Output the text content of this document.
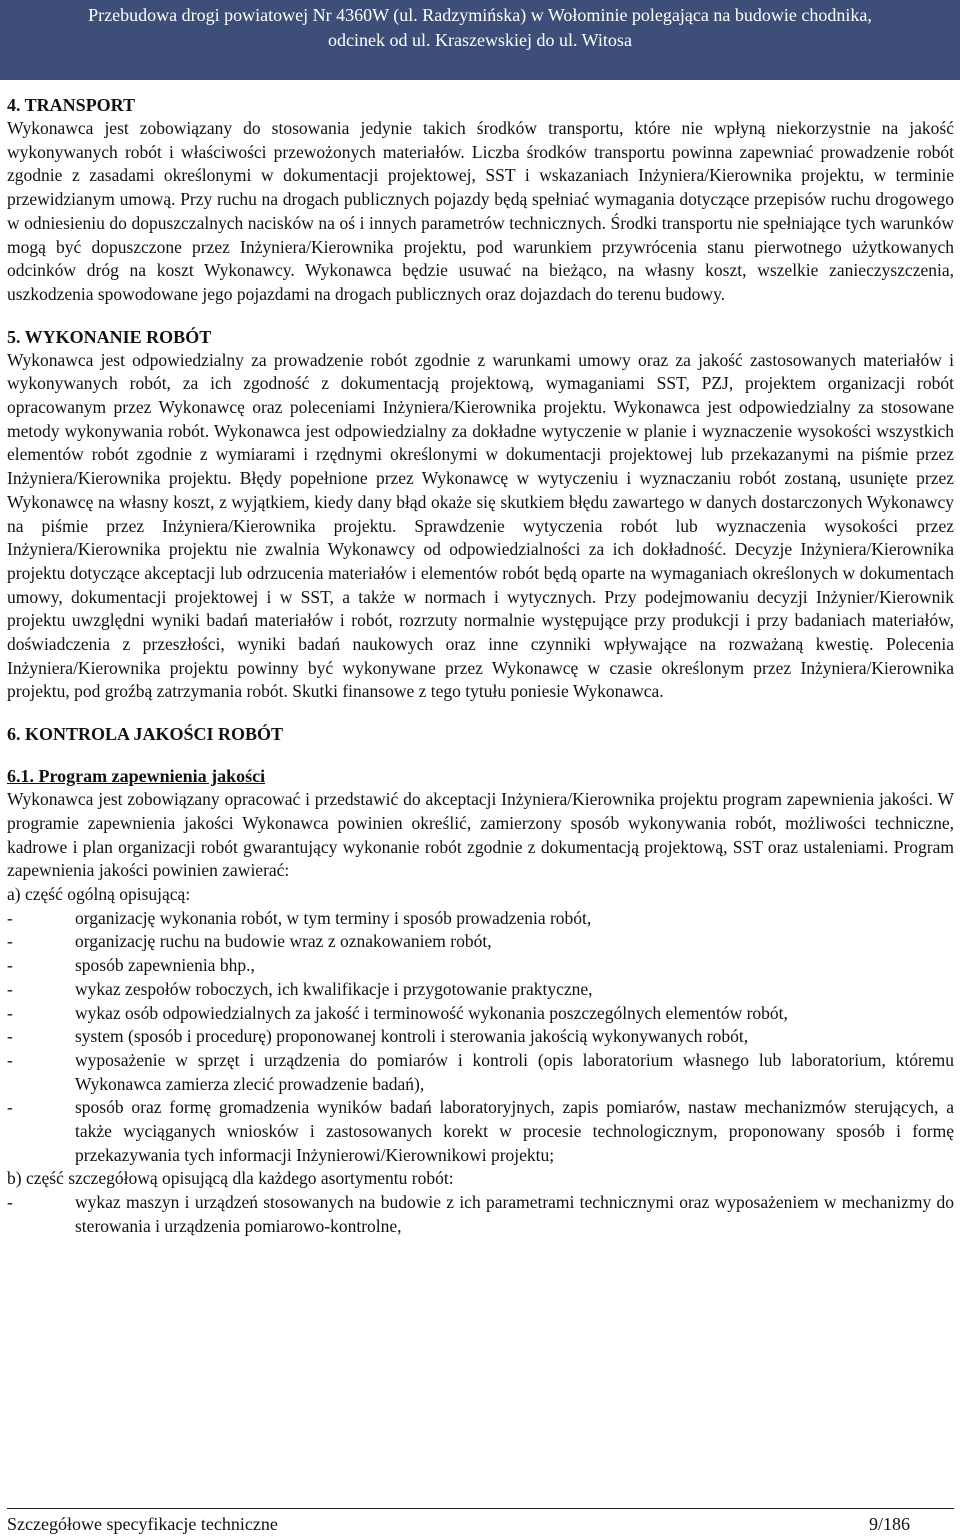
Przebudowa drogi powiatowej Nr 4360W (ul. Radzymińska) w Wołominie polegająca na budowie chodnika,
odcinek od ul. Kraszewskiej do ul. Witosa

4. TRANSPORT

Wykonawca jest zobowiązany do stosowania jedynie takich środków transportu, które nie wpłyną niekorzystnie na jakość wykonywanych robót i właściwości przewożonych materiałów. Liczba środków transportu powinna zapewniać prowadzenie robót zgodnie z zasadami określonymi w dokumentacji projektowej, SST i wskazaniach Inżyniera/Kierownika projektu, w terminie przewidzianym umową. Przy ruchu na drogach publicznych pojazdy będą spełniać wymagania dotyczące przepisów ruchu drogowego w odniesieniu do dopuszczalnych nacisków na oś i innych parametrów technicznych. Środki transportu nie spełniające tych warunków mogą być dopuszczone przez Inżyniera/Kierownika projektu, pod warunkiem przywrócenia stanu pierwotnego użytkowanych odcinków dróg na koszt Wykonawcy. Wykonawca będzie usuwać na bieżąco, na własny koszt, wszelkie zanieczyszczenia, uszkodzenia spowodowane jego pojazdami na drogach publicznych oraz dojazdach do terenu budowy.

5. WYKONANIE ROBÓT

Wykonawca jest odpowiedzialny za prowadzenie robót zgodnie z warunkami umowy oraz za jakość zastosowanych materiałów i wykonywanych robót, za ich zgodność z dokumentacją projektową, wymaganiami SST, PZJ, projektem organizacji robót opracowanym przez Wykonawcę oraz poleceniami Inżyniera/Kierownika projektu. Wykonawca jest odpowiedzialny za stosowane metody wykonywania robót. Wykonawca jest odpowiedzialny za dokładne wytyczenie w planie i wyznaczenie wysokości wszystkich elementów robót zgodnie z wymiarami i rzędnymi określonymi w dokumentacji projektowej lub przekazanymi na piśmie przez Inżyniera/Kierownika projektu. Błędy popełnione przez Wykonawcę w wytyczeniu i wyznaczaniu robót zostaną, usunięte przez Wykonawcę na własny koszt, z wyjątkiem, kiedy dany błąd okaże się skutkiem błędu zawartego w danych dostarczonych Wykonawcy na piśmie przez Inżyniera/Kierownika projektu. Sprawdzenie wytyczenia robót lub wyznaczenia wysokości przez Inżyniera/Kierownika projektu nie zwalnia Wykonawcy od odpowiedzialności za ich dokładność. Decyzje Inżyniera/Kierownika projektu dotyczące akceptacji lub odrzucenia materiałów i elementów robót będą oparte na wymaganiach określonych w dokumentach umowy, dokumentacji projektowej i w SST, a także w normach i wytycznych. Przy podejmowaniu decyzji Inżynier/Kierownik projektu uwzględni wyniki badań materiałów i robót, rozrzuty normalnie występujące przy produkcji i przy badaniach materiałów, doświadczenia z przeszłości, wyniki badań naukowych oraz inne czynniki wpływające na rozważaną kwestię. Polecenia Inżyniera/Kierownika projektu powinny być wykonywane przez Wykonawcę w czasie określonym przez Inżyniera/Kierownika projektu, pod groźbą zatrzymania robót. Skutki finansowe z tego tytułu poniesie Wykonawca.

6. KONTROLA JAKOŚCI ROBÓT

6.1. Program zapewnienia jakości

Wykonawca jest zobowiązany opracować i przedstawić do akceptacji Inżyniera/Kierownika projektu program zapewnienia jakości. W programie zapewnienia jakości Wykonawca powinien określić, zamierzony sposób wykonywania robót, możliwości techniczne, kadrowe i plan organizacji robót gwarantujący wykonanie robót zgodnie z dokumentacją projektową, SST oraz ustaleniami. Program zapewnienia jakości powinien zawierać:

a) część ogólną opisującą:

-	organizację wykonania robót, w tym terminy i sposób prowadzenia robót,

-	organizację ruchu na budowie wraz z oznakowaniem robót,

-	sposób zapewnienia bhp.,

-	wykaz zespołów roboczych, ich kwalifikacje i przygotowanie praktyczne,

-	wykaz osób odpowiedzialnych za jakość i terminowość wykonania poszczególnych elementów robót,

-	system (sposób i procedurę) proponowanej kontroli i sterowania jakością wykonywanych robót,

-	wyposażenie w sprzęt i urządzenia do pomiarów i kontroli (opis laboratorium własnego lub laboratorium, któremu Wykonawca zamierza zlecić prowadzenie badań),

-	sposób oraz formę gromadzenia wyników badań laboratoryjnych, zapis pomiarów, nastaw mechanizmów sterujących, a także wyciąganych wniosków i zastosowanych korekt w procesie technologicznym, proponowany sposób i formę przekazywania tych informacji Inżynierowi/Kierownikowi projektu;

b) część szczegółową opisującą dla każdego asortymentu robót:

-	wykaz maszyn i urządzeń stosowanych na budowie z ich parametrami technicznymi oraz wyposażeniem w mechanizmy do sterowania i urządzenia pomiarowo-kontrolne,

Szczegółowe specyfikacje techniczne	9/186
